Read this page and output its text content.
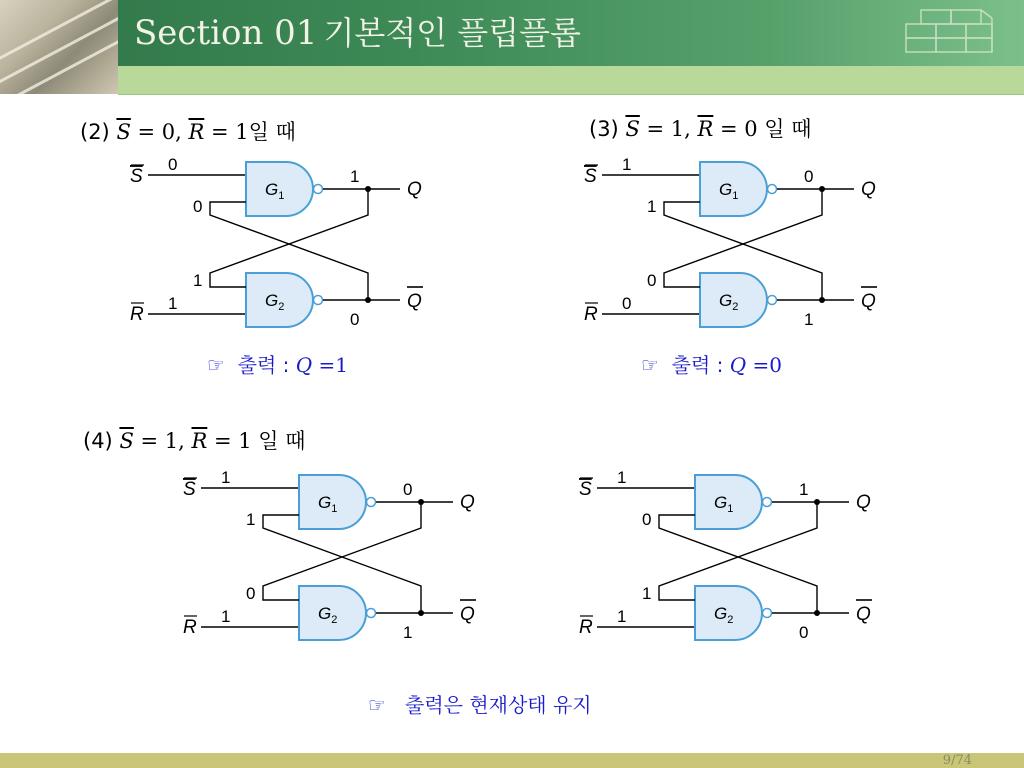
Section 01 기본적인 플립플롭
(2) $\overline{S} = 0$, $\overline{R} = 1$일 때	(3) $\overline{S} = 1$, $\overline{R} = 0$ 일 때
(4) $\overline{S} = 1$, $\overline{R} = 1$ 일 때
$G_1$
$G_2$
S
R
Q
Q
0
1
0
1
1
0
$G_1$
$G_2$
S
R
Q
Q
1
0
1
0
0
1
$G_1$
$G_2$
S
R
Q
Q
1
0
1
0
1
1
$G_1$
$G_2$
S
R
Q
Q
1
1
0
1
1
0
☞ 출력 : Q =1	☞ 출력 : Q =0
☞ 출력은 현재상태 유지
9/74
